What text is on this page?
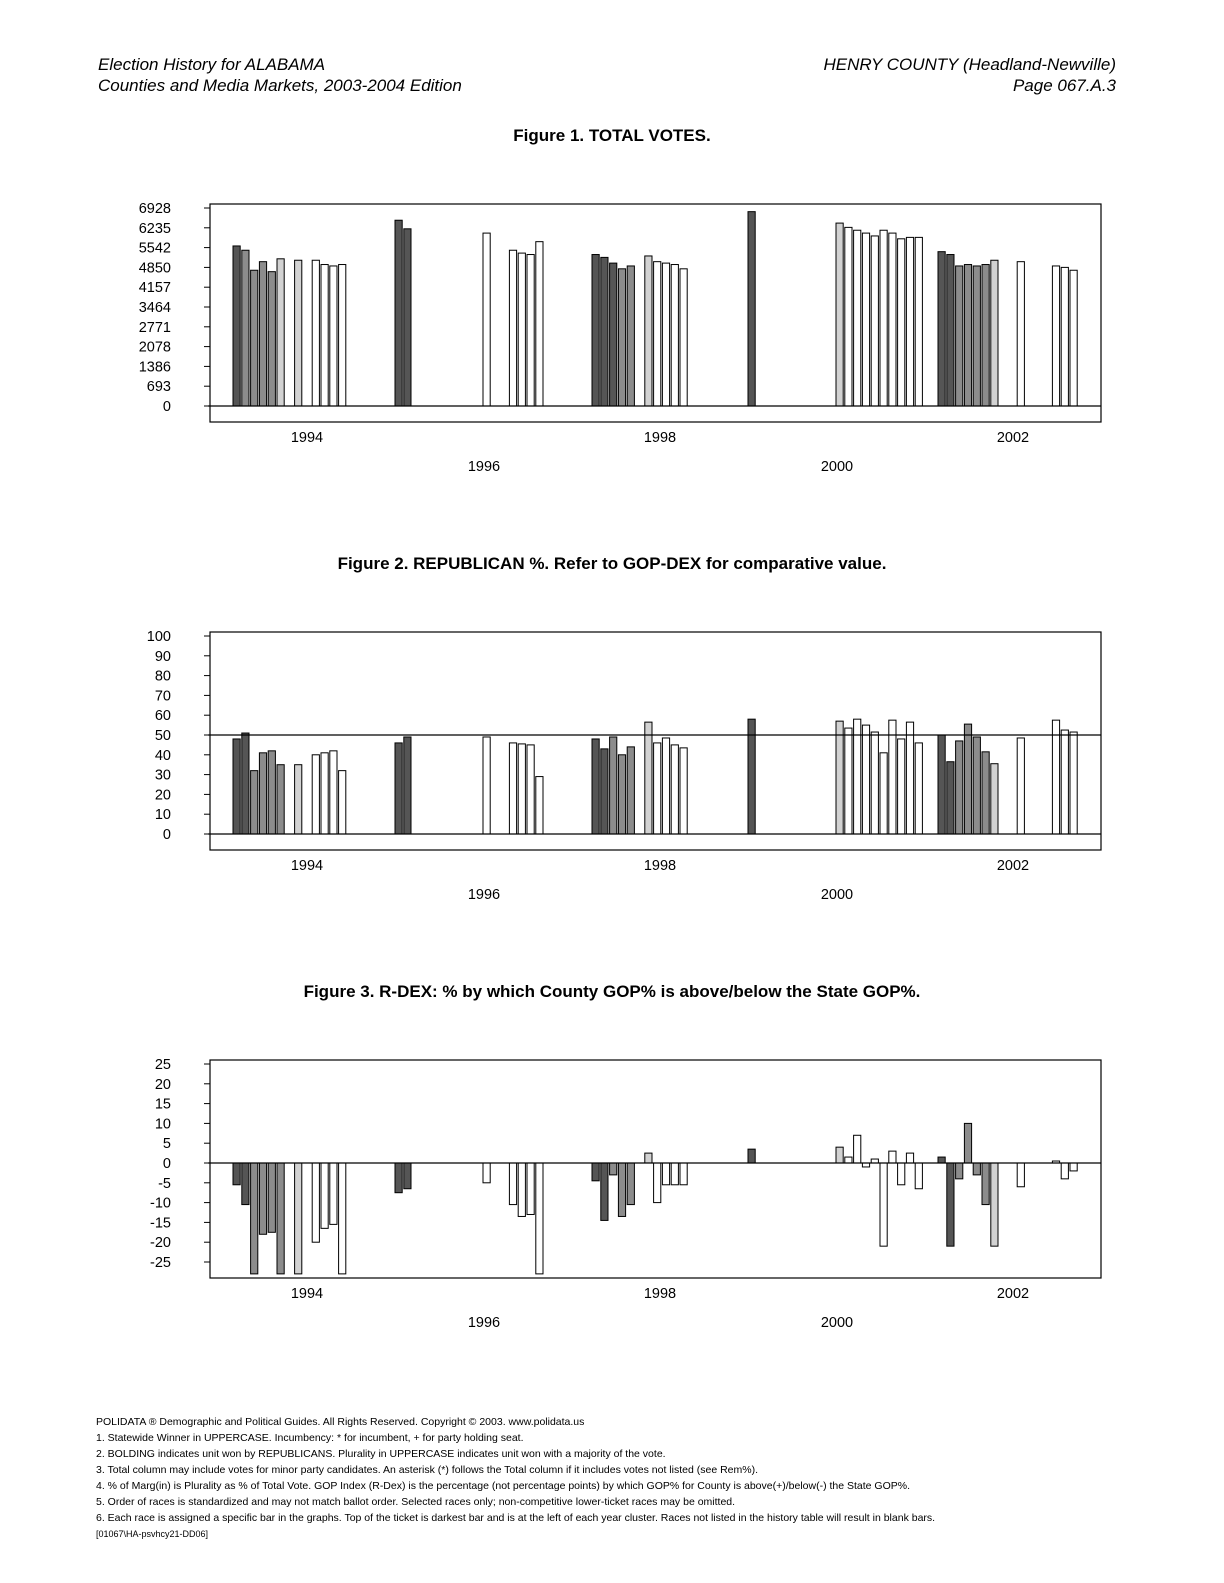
Election History for ALABAMA
Counties and Media Markets, 2003-2004 Edition
HENRY COUNTY (Headland-Newville)
Page 067.A.3
Figure 1. TOTAL VOTES.
6928
6235
5542
4850
4157
3464
2771
2078
1386
693
0
1994	1998	2002
1996	2000
Figure 2. REPUBLICAN %. Refer to GOP-DEX for comparative value.
100
90
80
70
60
50
40
30
20
10
0
1994	1998	2002
1996	2000
Figure 3. R-DEX: % by which County GOP% is above/below the State GOP%.
25
20
15
10
5
0
-5
-10
-15
-20
-25
1994	1998	2002
1996	2000
POLIDATA ® Demographic and Political Guides. All Rights Reserved. Copyright © 2003. www.polidata.us
1. Statewide Winner in UPPERCASE. Incumbency: * for incumbent, + for party holding seat.
2. BOLDING indicates unit won by REPUBLICANS. Plurality in UPPERCASE indicates unit won with a majority of the vote.
3. Total column may include votes for minor party candidates. An asterisk (*) follows the Total column if it includes votes not listed (see Rem%).
4. % of Marg(in) is Plurality as % of Total Vote. GOP Index (R-Dex) is the percentage (not percentage points) by which GOP% for County is above(+)/below(-) the State GOP%.
5. Order of races is standardized and may not match ballot order. Selected races only; non-competitive lower-ticket races may be omitted.
6. Each race is assigned a specific bar in the graphs. Top of the ticket is darkest bar and is at the left of each year cluster. Races not listed in the history table will result in blank bars.
[01067\HA-psvhcy21-DD06]
